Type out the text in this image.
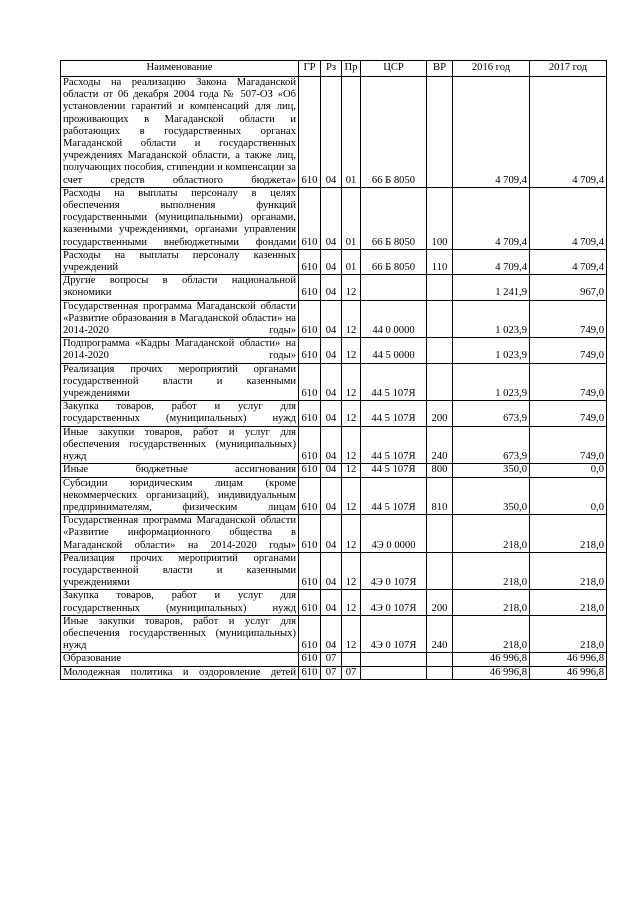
Наименование	ГР	Рз	Пр	ЦСР	ВР	2016 год	2017 год
Расходы на реализацию Закона Магаданской области от 06 декабря 2004 года № 507-ОЗ «Об установлении гарантий и компенсаций для лиц, проживающих в Магаданской области и работающих в государственных органах Магаданской области и государственных учреждениях Магаданской области, а также лиц, получающих пособия, стипендии и компенсации за счет средств областного бюджета»	610	04	01	66 Б 8050		4 709,4	4 709,4
Расходы на выплаты персоналу в целях обеспечения выполнения функций государственными (муниципальными) органами, казенными учреждениями, органами управления государственными внебюджетными фондами	610	04	01	66 Б 8050	100	4 709,4	4 709,4
Расходы на выплаты персоналу казенных учреждений	610	04	01	66 Б 8050	110	4 709,4	4 709,4
Другие вопросы в области национальной экономики	610	04	12			1 241,9	967,0
Государственная программа Магаданской области «Развитие образования в Магаданской области» на 2014-2020 годы»	610	04	12	44 0 0000		1 023,9	749,0
Подпрограмма «Кадры Магаданской области» на 2014-2020 годы»	610	04	12	44 5 0000		1 023,9	749,0
Реализация прочих мероприятий органами государственной власти и казенными учреждениями	610	04	12	44 5 107Я		1 023,9	749,0
Закупка товаров, работ и услуг для государственных (муниципальных) нужд	610	04	12	44 5 107Я	200	673,9	749,0
Иные закупки товаров, работ и услуг для обеспечения государственных (муниципальных) нужд	610	04	12	44 5 107Я	240	673,9	749,0
Иные бюджетные ассигнования	610	04	12	44 5 107Я	800	350,0	0,0
Субсидии юридическим лицам (кроме некоммерческих организаций), индивидуальным предпринимателям, физическим лицам	610	04	12	44 5 107Я	810	350,0	0,0
Государственная программа Магаданской области «Развитие информационного общества в Магаданской области» на 2014-2020 годы»	610	04	12	4Э 0 0000		218,0	218,0
Реализация прочих мероприятий органами государственной власти и казенными учреждениями	610	04	12	4Э 0 107Я		218,0	218,0
Закупка товаров, работ и услуг для государственных (муниципальных) нужд	610	04	12	4Э 0 107Я	200	218,0	218,0
Иные закупки товаров, работ и услуг для обеспечения государственных (муниципальных) нужд	610	04	12	4Э 0 107Я	240	218,0	218,0
Образование	610	07				46 996,8	46 996,8
Молодежная политика и оздоровление детей	610	07	07			46 996,8	46 996,8
